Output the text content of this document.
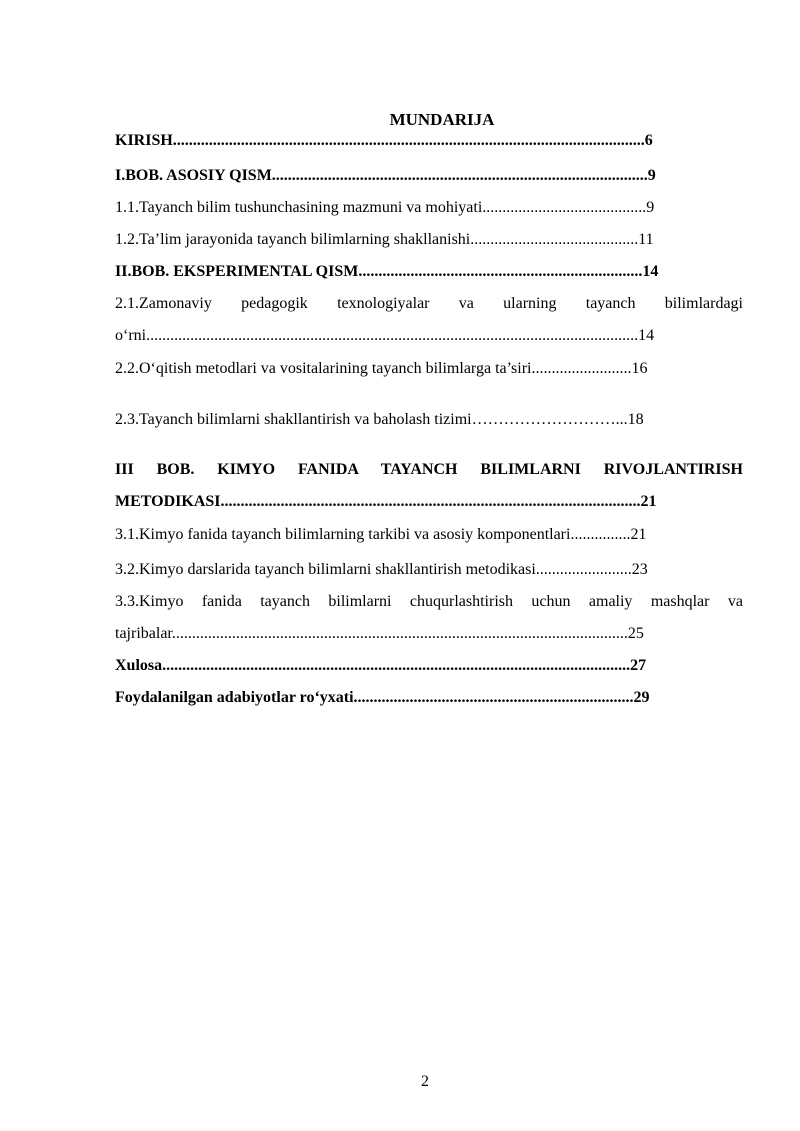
MUNDARIJA
KIRISH......................................................................................................................6
I.BOB. ASOSIY QISM..............................................................................................9
1.1.Tayanch bilim tushunchasining mazmuni va mohiyati.........................................9
1.2.Ta’lim jarayonida tayanch bilimlarning shakllanishi..........................................11
II.BOB. EKSPERIMENTAL QISM.......................................................................14
2.1.Zamonaviy pedagogik texnologiyalar va ularning tayanch bilimlardagi
o‘rni...........................................................................................................................14
2.2.O‘qitish metodlari va vositalarining tayanch bilimlarga ta’siri.........................16
2.3.Tayanch bilimlarni shakllantirish va baholash tizimi………………………...18
III BOB. KIMYO FANIDA TAYANCH BILIMLARNI RIVOJLANTIRISH
METODIKASI.........................................................................................................21
3.1.Kimyo fanida tayanch bilimlarning tarkibi va asosiy komponentlari...............21
3.2.Kimyo darslarida tayanch bilimlarni shakllantirish metodikasi........................23
3.3.Kimyo fanida tayanch bilimlarni chuqurlashtirish uchun amaliy mashqlar va
tajribalar..................................................................................................................25
Xulosa.....................................................................................................................27
Foydalanilgan adabiyotlar ro‘yxati......................................................................29
2
